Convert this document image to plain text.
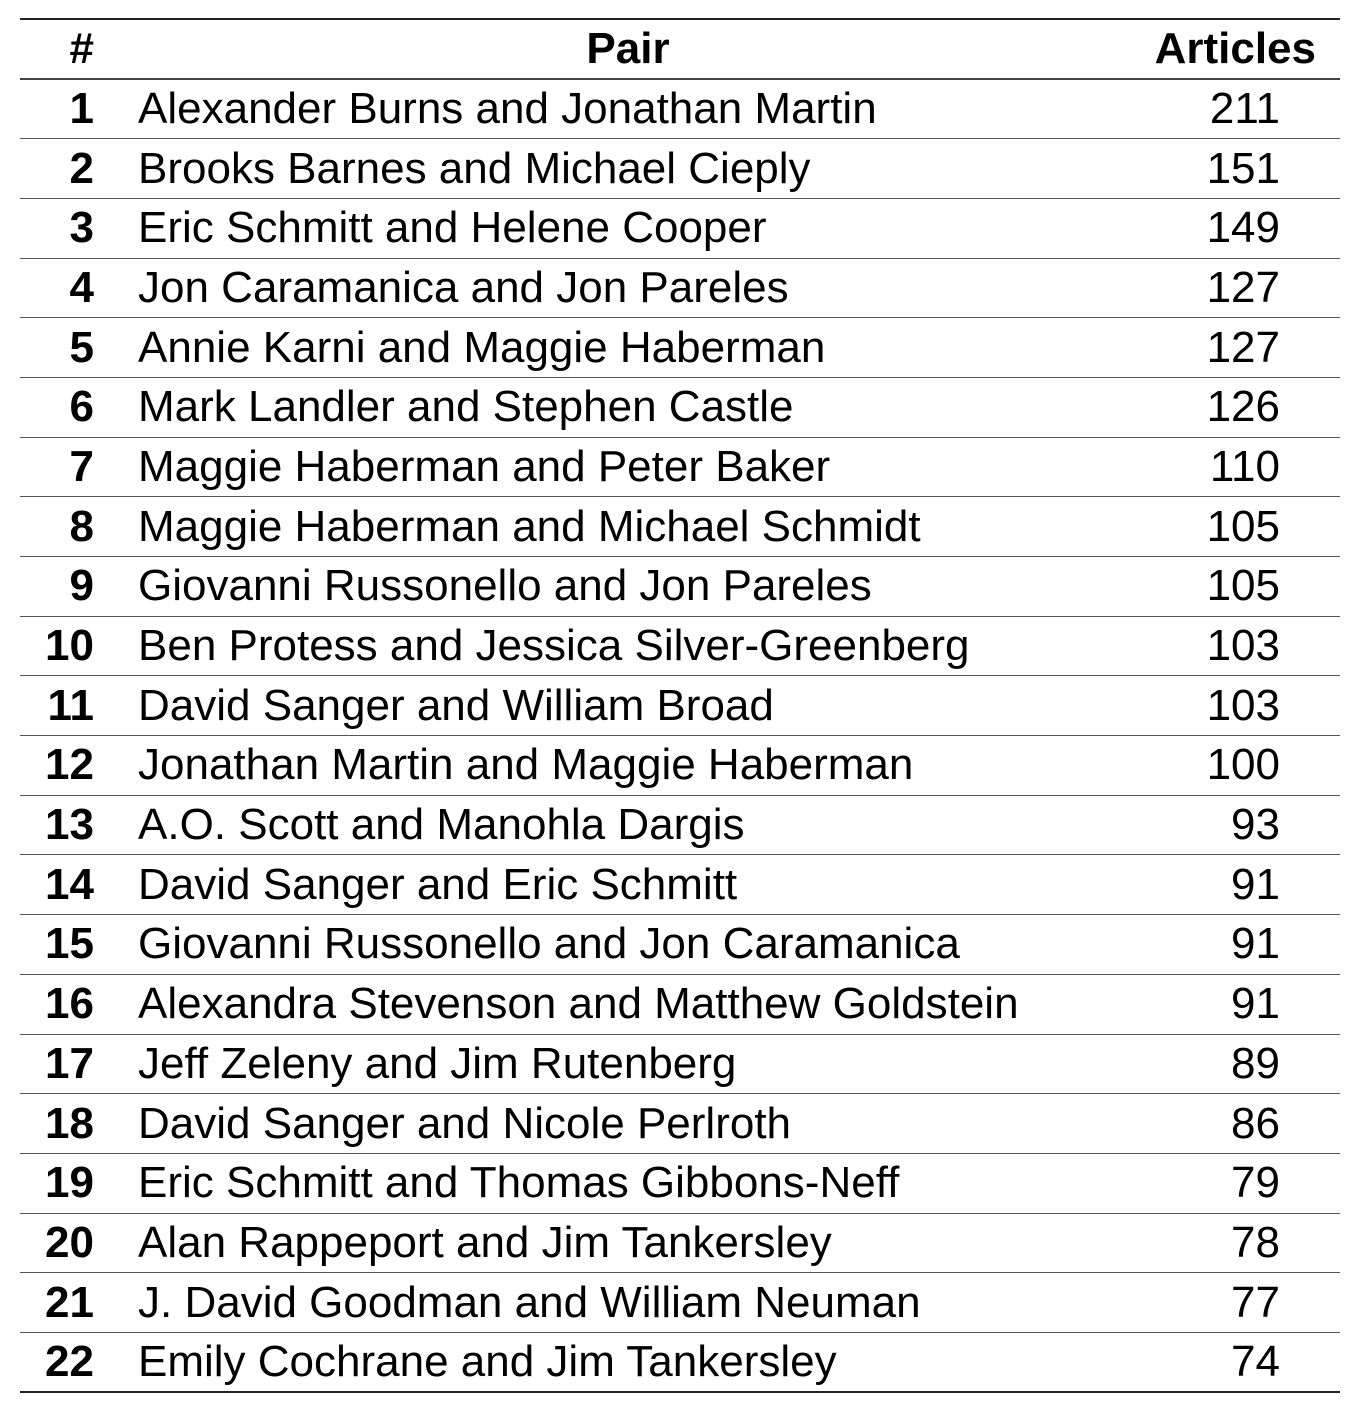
#	Pair	Articles
1	Alexander Burns and Jonathan Martin	211
2	Brooks Barnes and Michael Cieply	151
3	Eric Schmitt and Helene Cooper	149
4	Jon Caramanica and Jon Pareles	127
5	Annie Karni and Maggie Haberman	127
6	Mark Landler and Stephen Castle	126
7	Maggie Haberman and Peter Baker	110
8	Maggie Haberman and Michael Schmidt	105
9	Giovanni Russonello and Jon Pareles	105
10	Ben Protess and Jessica Silver-Greenberg	103
11	David Sanger and William Broad	103
12	Jonathan Martin and Maggie Haberman	100
13	A.O. Scott and Manohla Dargis	93
14	David Sanger and Eric Schmitt	91
15	Giovanni Russonello and Jon Caramanica	91
16	Alexandra Stevenson and Matthew Goldstein	91
17	Jeff Zeleny and Jim Rutenberg	89
18	David Sanger and Nicole Perlroth	86
19	Eric Schmitt and Thomas Gibbons-Neff	79
20	Alan Rappeport and Jim Tankersley	78
21	J. David Goodman and William Neuman	77
22	Emily Cochrane and Jim Tankersley	74
